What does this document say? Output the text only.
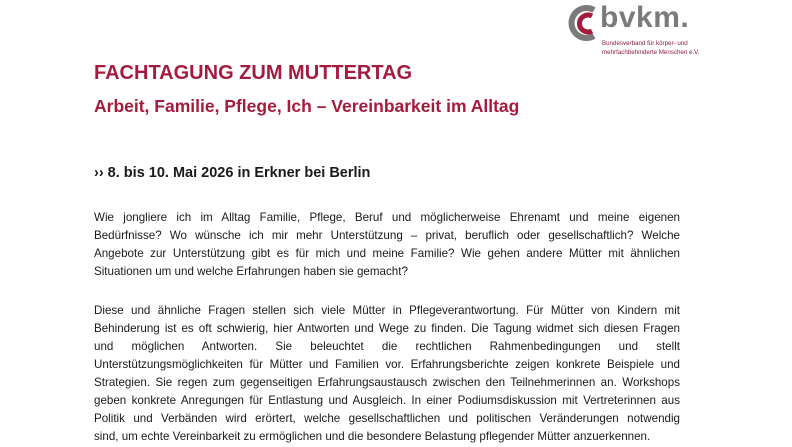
bvkm.
Bundesverband für körper- und
mehrfachbehinderte Menschen e.V.
FACHTAGUNG ZUM MUTTERTAG
Arbeit, Familie, Pflege, Ich – Vereinbarkeit im Alltag
›› 8. bis 10. Mai 2026 in Erkner bei Berlin

Wie jongliere ich im Alltag Familie, Pflege, Beruf und möglicherweise Ehrenamt und meine eigenen
Bedürfnisse? Wo wünsche ich mir mehr Unterstützung – privat, beruflich oder gesellschaftlich? Welche
Angebote zur Unterstützung gibt es für mich und meine Familie? Wie gehen andere Mütter mit ähnlichen
Situationen um und welche Erfahrungen haben sie gemacht?

Diese und ähnliche Fragen stellen sich viele Mütter in Pflegeverantwortung. Für Mütter von Kindern mit
Behinderung ist es oft schwierig, hier Antworten und Wege zu finden. Die Tagung widmet sich diesen Fragen
und möglichen Antworten. Sie beleuchtet die rechtlichen Rahmenbedingungen und stellt
Unterstützungsmöglichkeiten für Mütter und Familien vor. Erfahrungsberichte zeigen konkrete Beispiele und
Strategien. Sie regen zum gegenseitigen Erfahrungsaustausch zwischen den Teilnehmerinnen an. Workshops
geben konkrete Anregungen für Entlastung und Ausgleich. In einer Podiumsdiskussion mit Vertreterinnen aus
Politik und Verbänden wird erörtert, welche gesellschaftlichen und politischen Veränderungen notwendig
sind, um echte Vereinbarkeit zu ermöglichen und die besondere Belastung pflegender Mütter anzuerkennen.
